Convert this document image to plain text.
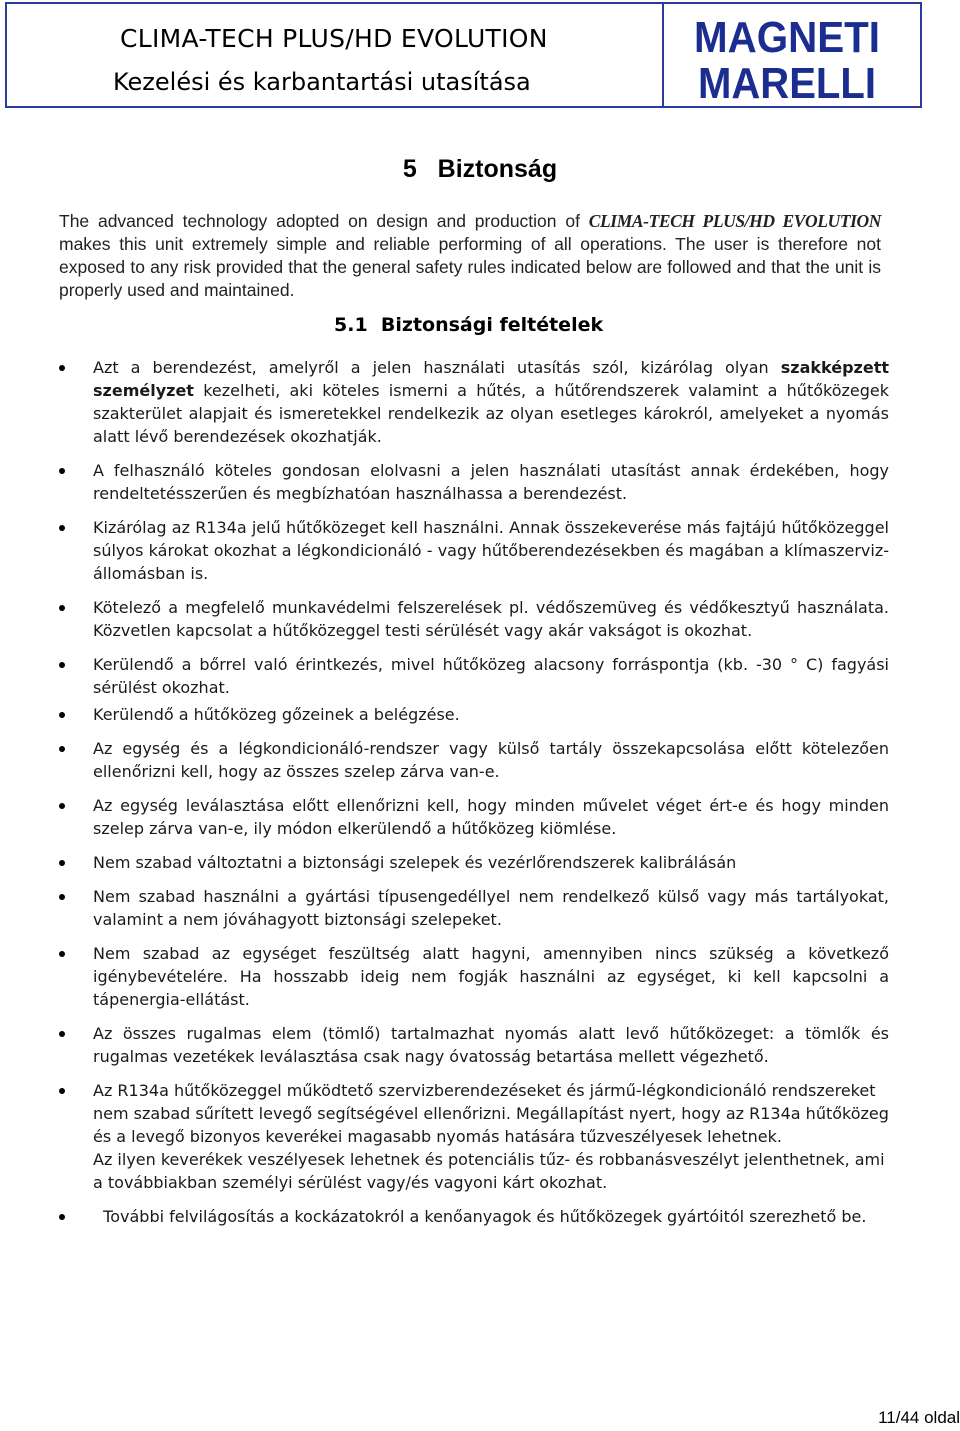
CLIMA-TECH PLUS/HD EVOLUTION
Kezelési és karbantartási utasítása
MAGNETI
MARELLI
5   Biztonság
The advanced technology adopted on design and production of CLIMA-TECH PLUS/HD EVOLUTION makes this unit extremely simple and reliable performing of all operations. The user is therefore not exposed to any risk provided that the general safety rules indicated below are followed and that the unit is properly used and maintained.
5.1  Biztonsági feltételek
Azt a berendezést, amelyről a jelen használati utasítás szól, kizárólag olyan szakképzett személyzet kezelheti, aki köteles ismerni a hűtés, a hűtőrendszerek valamint a hűtőközegek szakterület alapjait és ismeretekkel rendelkezik az olyan esetleges károkról, amelyeket a nyomás alatt lévő berendezések okozhatják.
A felhasználó köteles gondosan elolvasni a jelen használati utasítást annak érdekében, hogy rendeltetésszerűen és megbízhatóan használhassa a berendezést.
Kizárólag az R134a jelű hűtőközeget kell használni. Annak összekeverése más fajtájú hűtőközeggel súlyos károkat okozhat a légkondicionáló - vagy hűtőberendezésekben és magában a klímaszerviz-állomásban is.
Kötelező a megfelelő munkavédelmi felszerelések pl. védőszemüveg és védőkesztyű használata. Közvetlen kapcsolat a hűtőközeggel testi sérülését vagy akár vakságot is okozhat.
Kerülendő a bőrrel való érintkezés, mivel hűtőközeg alacsony forráspontja (kb. -30 ° C) fagyási sérülést okozhat.
Kerülendő a hűtőközeg gőzeinek a belégzése.
Az egység és a légkondicionáló-rendszer vagy külső tartály összekapcsolása előtt kötelezően ellenőrizni kell, hogy az összes szelep zárva van-e.
Az egység leválasztása előtt ellenőrizni kell, hogy minden művelet véget ért-e és hogy minden szelep zárva van-e, ily módon elkerülendő a hűtőközeg kiömlése.
Nem szabad változtatni a biztonsági szelepek és vezérlőrendszerek kalibrálásán
Nem szabad használni a gyártási típusengedéllyel nem rendelkező külső vagy más tartályokat, valamint a nem jóváhagyott biztonsági szelepeket.
Nem szabad az egységet feszültség alatt hagyni, amennyiben nincs szükség a következő igénybevételére. Ha hosszabb ideig nem fogják használni az egységet, ki kell kapcsolni a tápenergia-ellátást.
Az összes rugalmas elem (tömlő) tartalmazhat nyomás alatt levő hűtőközeget: a tömlők és rugalmas vezetékek leválasztása csak nagy óvatosság betartása mellett végezhető.
Az R134a hűtőközeggel működtető szervizberendezéseket és jármű-légkondicionáló rendszereket nem szabad sűrített levegő segítségével ellenőrizni. Megállapítást nyert, hogy az R134a hűtőközeg és a levegő bizonyos keverékei magasabb nyomás hatására tűzveszélyesek lehetnek.
Az ilyen keverékek veszélyesek lehetnek és potenciális tűz- és robbanásveszélyt jelenthetnek, ami a továbbiakban személyi sérülést vagy/és vagyoni kárt okozhat.
További felvilágosítás a kockázatokról a kenőanyagok és hűtőközegek gyártóitól szerezhető be.
11/44 oldal
